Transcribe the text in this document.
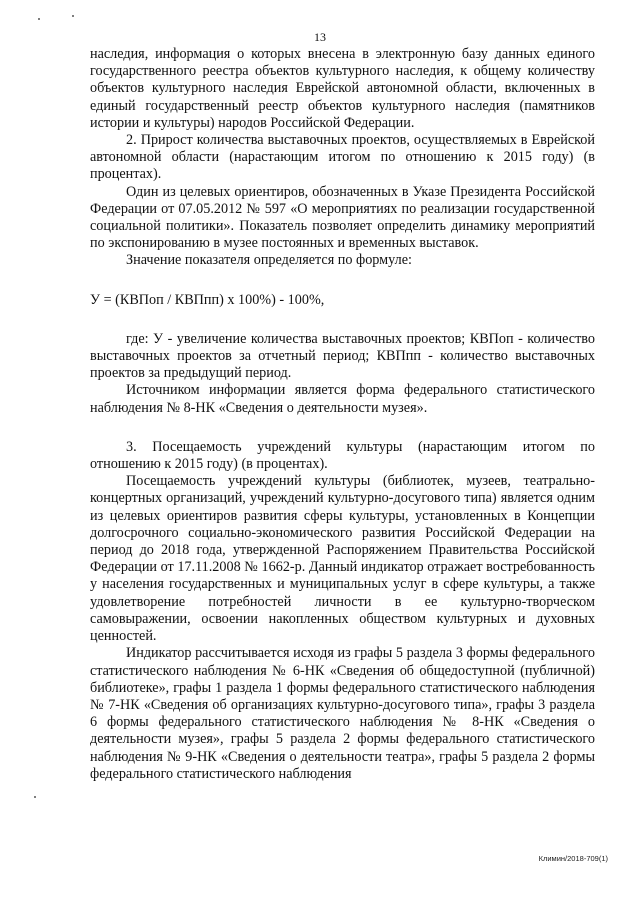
13

наследия, информация о которых внесена в электронную базу данных единого государственного реестра объектов культурного наследия, к общему количеству объектов культурного наследия Еврейской автономной области, включенных в единый государственный реестр объектов культурного наследия (памятников истории и культуры) народов Российской Федерации.

2. Прирост количества выставочных проектов, осуществляемых в Еврейской автономной области (нарастающим итогом по отношению к 2015 году) (в процентах).

Один из целевых ориентиров, обозначенных в Указе Президента Российской Федерации от 07.05.2012 № 597 «О мероприятиях по реализации государственной социальной политики». Показатель позволяет определить динамику мероприятий по экспонированию в музее постоянных и временных выставок.

Значение показателя определяется по формуле:

У = (КВПоп / КВПпп) x 100%) - 100%,

где: У - увеличение количества выставочных проектов; КВПоп - количество выставочных проектов за отчетный период; КВПпп - количество выставочных проектов за предыдущий период.

Источником информации является форма федерального статистического наблюдения № 8-НК «Сведения о деятельности музея».

3. Посещаемость учреждений культуры (нарастающим итогом по отношению к 2015 году) (в процентах).

Посещаемость учреждений культуры (библиотек, музеев, театрально-концертных организаций, учреждений культурно-досугового типа) является одним из целевых ориентиров развития сферы культуры, установленных в Концепции долгосрочного социально-экономического развития Российской Федерации на период до 2018 года, утвержденной Распоряжением Правительства Российской Федерации от 17.11.2008 № 1662-р. Данный индикатор отражает востребованность у населения государственных и муниципальных услуг в сфере культуры, а также удовлетворение потребностей личности в ее культурно-творческом самовыражении, освоении накопленных обществом культурных и духовных ценностей.

Индикатор рассчитывается исходя из графы 5 раздела 3 формы федерального статистического наблюдения № 6-НК «Сведения об общедоступной (публичной) библиотеке», графы 1 раздела 1 формы федерального статистического наблюдения № 7-НК «Сведения об организациях культурно-досугового типа», графы 3 раздела 6 формы федерального статистического наблюдения № 8-НК «Сведения о деятельности музея», графы 5 раздела 2 формы федерального статистического наблюдения № 9-НК «Сведения о деятельности театра», графы 5 раздела 2 формы федерального статистического наблюдения

Климин/2018-709(1)
